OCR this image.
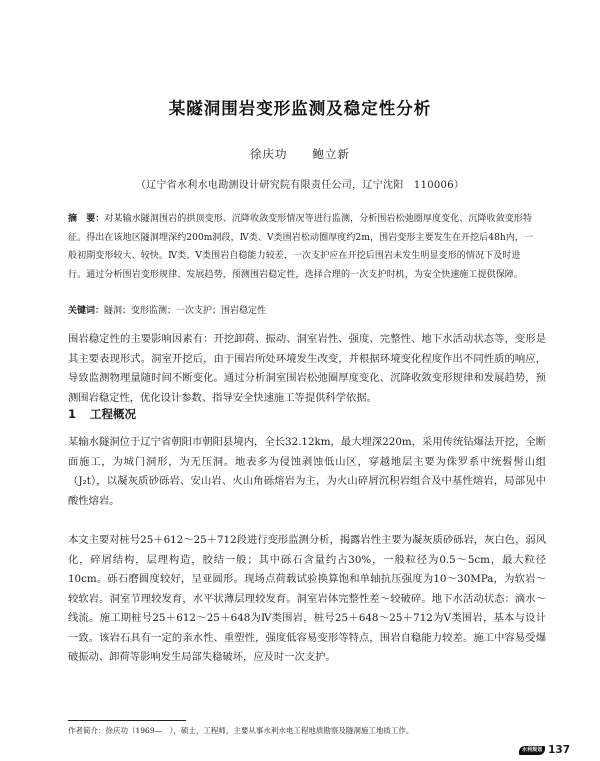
某隧洞围岩变形监测及稳定性分析
徐庆功　　鲍立新
（辽宁省水利水电勘测设计研究院有限责任公司，辽宁沈阳　110006）
摘　要：对某输水隧洞围岩的拱顶变形、沉降收敛变形情况等进行监测，分析围岩松弛圈厚度变化、沉降收敛变形特征。得出在该地区隧洞埋深约200m洞段，Ⅳ类、Ⅴ类围岩松动圈厚度约2m，围岩变形主要发生在开挖后48h内，一般初期变形较大、较快。Ⅳ类、Ⅴ类围岩自稳能力较差，一次支护应在开挖后围岩未发生明显变形的情况下及时进行。通过分析围岩变形规律、发展趋势，预测围岩稳定性，选择合理的一次支护时机，为安全快速施工提供保障。
关键词：隧洞；变形监测；一次支护；围岩稳定性
围岩稳定性的主要影响因素有：开挖卸荷、振动、洞室岩性、强度、完整性、地下水活动状态等，变形是其主要表现形式。洞室开挖后，由于围岩所处环境发生改变，并根据环境变化程度作出不同性质的响应，导致监测物理量随时间不断变化。通过分析洞室围岩松弛圈厚度变化、沉降收敛变形规律和发展趋势，预测围岩稳定性，优化设计参数、指导安全快速施工等提供科学依据。
1 工程概况
某输水隧洞位于辽宁省朝阳市朝阳县境内，全长32.12km，最大埋深220m，采用传统钻爆法开挖，全断面施工，为城门洞形，为无压洞。地表多为侵蚀剥蚀低山区，穿越地层主要为侏罗系中统髫髻山组（J₂t），以凝灰质砂砾岩、安山岩、火山角砾熔岩为主，为火山碎屑沉积岩组合及中基性熔岩，局部见中酸性熔岩。
本文主要对桩号25＋612～25＋712段进行变形监测分析，揭露岩性主要为凝灰质砂砾岩，灰白色，弱风化，碎屑结构，层理构造，胶结一般；其中砾石含量约占30%，一般粒径为0.5～5cm，最大粒径10cm。砾石磨圆度较好，呈亚圆形。现场点荷载试验换算饱和单轴抗压强度为10～30MPa，为软岩～较软岩。洞室节理较发育，水平状薄层理较发育。洞室岩体完整性差～较破碎。地下水活动状态：滴水～线流。施工期桩号25＋612～25＋648为Ⅳ类围岩，桩号25＋648～25＋712为Ⅴ类围岩，基本与设计一致。该岩石具有一定的亲水性、重塑性，强度低容易变形等特点，围岩自稳能力较差。施工中容易受爆破振动、卸荷等影响发生局部失稳破坏，应及时一次支护。
作者简介：徐庆功（1969—　），硕士，工程师，主要从事水利水电工程地质勘察及隧洞施工地质工作。
水利规划 137
